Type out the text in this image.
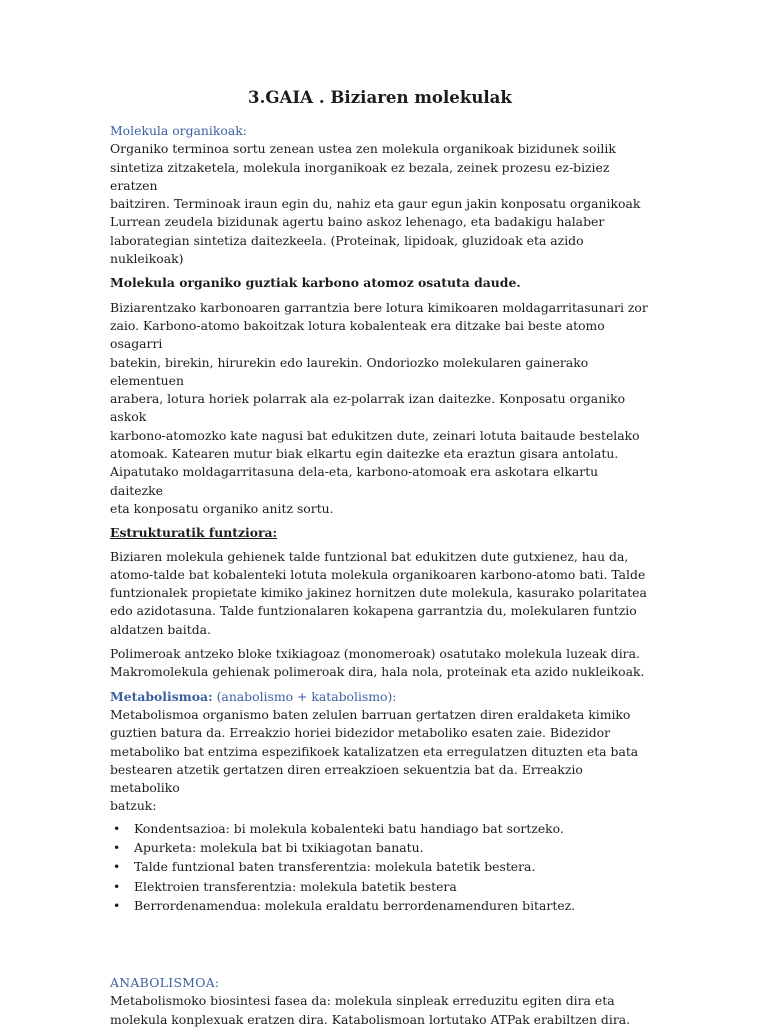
3.GAIA . Biziaren molekulak
Molekula organikoak:
Organiko terminoa sortu zenean ustea zen molekula organikoak bizidunek soilik
sintetiza zitzaketela, molekula inorganikoak ez bezala, zeinek prozesu ez-biziez eratzen
baitziren. Terminoak iraun egin du, nahiz eta gaur egun jakin konposatu organikoak
Lurrean zeudela bizidunak agertu baino askoz lehenago, eta badakigu halaber
laborategian sintetiza daitezkeela. (Proteinak, lipidoak, gluzidoak eta azido nukleikoak)
Molekula organiko guztiak karbono atomoz osatuta daude.
Biziarentzako karbonoaren garrantzia bere lotura kimikoaren moldagarritasunari zor
zaio. Karbono-atomo bakoitzak lotura kobalenteak era ditzake bai beste atomo osagarri
batekin, birekin, hirurekin edo laurekin. Ondoriozko molekularen gainerako elementuen
arabera, lotura horiek polarrak ala ez-polarrak izan daitezke. Konposatu organiko askok
karbono-atomozko kate nagusi bat edukitzen dute, zeinari lotuta baitaude bestelako
atomoak. Katearen mutur biak elkartu egin daitezke eta eraztun gisara antolatu.
Aipatutako moldagarritasuna dela-eta, karbono-atomoak era askotara elkartu daitezke
eta konposatu organiko anitz sortu.
Estrukturatik funtziora:
Biziaren molekula gehienek talde funtzional bat edukitzen dute gutxienez, hau da,
atomo-talde bat kobalenteki lotuta molekula organikoaren karbono-atomo bati. Talde
funtzionalek propietate kimiko jakinez hornitzen dute molekula, kasurako polaritatea
edo azidotasuna. Talde funtzionalaren kokapena garrantzia du, molekularen funtzio
aldatzen baitda.
Polimeroak antzeko bloke txikiagoaz (monomeroak) osatutako molekula luzeak dira.
Makromolekula gehienak polimeroak dira, hala nola, proteinak eta azido nukleikoak.
Metabolismoa: (anabolismo + katabolismo):
Metabolismoa organismo baten zelulen barruan gertatzen diren eraldaketa kimiko
guztien batura da. Erreakzio horiei bidezidor metaboliko esaten zaie. Bidezidor
metaboliko bat entzima espezifikoek katalizatzen eta erregulatzen dituzten eta bata
bestearen atzetik gertatzen diren erreakzioen sekuentzia bat da. Erreakzio metaboliko
batzuk:
• Kondentsazioa: bi molekula kobalenteki batu handiago bat sortzeko.
• Apurketa: molekula bat bi txikiagotan banatu.
• Talde funtzional baten transferentzia: molekula batetik bestera.
• Elektroien transferentzia: molekula batetik bestera
• Berrordenamendua: molekula eraldatu berrordenamenduren bitartez.
ANABOLISMOA:
Metabolismoko biosintesi fasea da: molekula sinpleak erreduzitu egiten dira eta
molekula konplexuak eratzen dira. Katabolismoan lortutako ATPak erabiltzen dira.
